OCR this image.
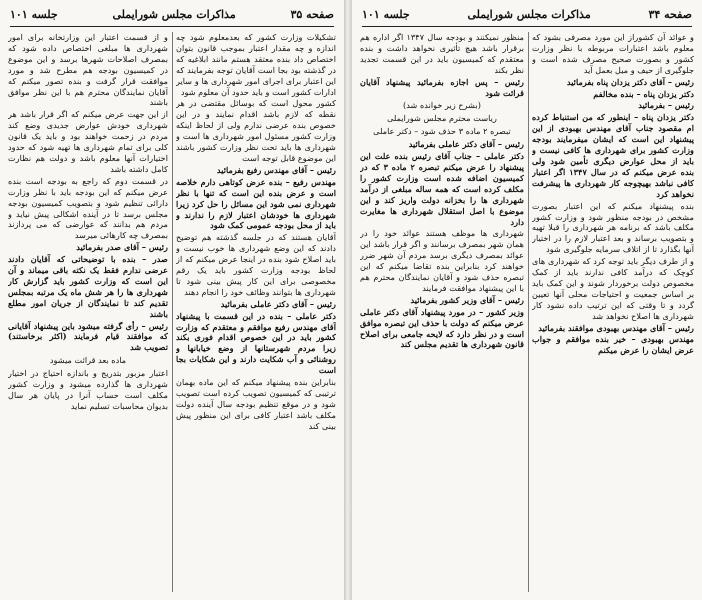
صفحه ۳۵
مذاکرات مجلس شورایملی
جلسه ۱۰۱

تشکیلات وزارت کشور که بعدمعلوم شود چه اندازه و چه مقدار اعتبار بموجب قانون بتوان اختصاص داد بنده معتقد هستم مانند ابلاغیه که در گذشته بود بجا است آقایان توجه بفرمایند که این اعتبار برای اجرای امور شهرداری ها و سایر ادارات کشور است و باید حدود آن معلوم شود

کشور محول است که بوسائل مقتضی در هر نقطه که لازم باشد اقدام نمایند و در این خصوص بنده عرضی ندارم ولی از لحاظ اینکه وزارت کشور مسئول امور شهرداری ها است و شهرداری ها باید تحت نظر وزارت کشور باشند این موضوع قابل توجه است

رئیس – آقای مهندس رفیع بفرمائید

مهندس رفیع – بنده عرض کوتاهی دارم خلاصه است و عرض بنده این است که تنها با نظر شهرداری نمی شود این مسائل را حل کرد زیرا شهرداری ها خودشان اعتبار لازم را ندارند و باید از محل بودجه عمومی کمک شود

آقایان هستند که در جلسه گذشته هم توضیح دادند که این وضع شهرداری ها خوب نیست و باید اصلاح شود بنده در اینجا عرض میکنم که از لحاظ بودجه وزارت کشور باید یک رقم مخصوصی برای این کار پیش بینی شود تا شهرداری ها بتوانند وظائف خود را انجام دهند

رئیس – آقای دکتر عاملی بفرمائید

دکتر عاملی – بنده در این قسمت با پیشنهاد آقای مهندس رفیع موافقم و معتقدم که وزارت کشور باید در این خصوص اقدام فوری بکند زیرا مردم شهرستانها از وضع خیابانها و روشنائی و آب شکایت دارند و این شکایات بجا است

بنابراین بنده پیشنهاد میکنم که این ماده بهمان ترتیبی که کمیسیون تصویب کرده است تصویب شود و در موقع تنظیم بودجه سال آینده دولت مکلف باشد اعتبار کافی برای این منظور پیش بینی کند

و از قسمت اعتبار این وزارتخانه برای امور شهرداری ها مبلغی اختصاص داده شود که بمصرف اصلاحات شهرها برسد و این موضوع در کمیسیون بودجه هم مطرح شد و مورد موافقت قرار گرفت و بنده تصور میکنم که آقایان نمایندگان محترم هم با این نظر موافق باشند

از این جهت عرض میکنم که اگر قرار باشد هر شهرداری خودش عوارض جدیدی وضع کند مردم در زحمت خواهند بود و باید یک قانون کلی برای تمام شهرداری ها تهیه شود که حدود اختیارات آنها معلوم باشد و دولت هم نظارت کامل داشته باشد

در قسمت دوم که راجع به بودجه است بنده عرض میکنم که این بودجه باید با نظر وزارت دارائی تنظیم شود و بتصویب کمیسیون بودجه مجلس برسد تا در آینده اشکالی پیش نیاید و مردم هم بدانند که عوارضی که می پردازند بمصرف چه کارهائی میرسد

رئیس – آقای صدر بفرمائید

صدر – بنده با توضیحاتی که آقایان دادند عرضی ندارم فقط یک نکته باقی میماند و آن این است که وزارت کشور باید گزارش کار شهرداری ها را هر شش ماه یک مرتبه بمجلس تقدیم کند تا نمایندگان از جریان امور مطلع باشند

رئیس – رأی گرفته میشود باین پیشنهاد آقایانی که موافقند قیام فرمایند (اکثر برخاستند) تصویب شد

ماده بعد قرائت میشود

اعتبار مزبور بتدریج و باندازه احتیاج در اختیار شهرداری ها گذارده میشود و وزارت کشور مکلف است حساب آنرا در پایان هر سال بدیوان محاسبات تسلیم نماید

صفحه ۳۴
مذاکرات مجلس شورایملی
جلسه ۱۰۱

و عوائد آن کشوراز این مورد مصرفی بشود که معلوم باشد اعتبارات مربوطه با نظر وزارت کشور و بصورت صحیح مصرف شده است و جلوگیری از حیف و میل بعمل آید

رئیس – آقای دکتر یزدان پناه بفرمائید

دکتر یزدان پناه – بنده مخالفم

رئیس – بفرمائید

دکتر یزدان پناه – اینطور که من استنباط کرده ام مقصود جناب آقای مهندس بهبودی از این پیشنهاد این است که ایشان میفرمایند بودجه وزارت کشور برای شهرداری ها کافی نیست و باید از محل عوارض دیگری تأمین شود ولی بنده عرض میکنم که در سال ۱۳۴۷ اگر اعتبار کافی نباشد بهیچوجه کار شهرداری ها پیشرفت نخواهد کرد

بنده پیشنهاد میکنم که این اعتبار بصورت مشخص در بودجه منظور شود و وزارت کشور مکلف باشد که برنامه هر شهرداری را قبلا تهیه و بتصویب برساند و بعد اعتبار لازم را در اختیار آنها بگذارد تا از اتلاف سرمایه جلوگیری شود

و از طرف دیگر باید توجه کرد که شهرداری های کوچک که درآمد کافی ندارند باید از کمک مخصوص دولت برخوردار شوند و این کمک باید بر اساس جمعیت و احتیاجات محلی آنها تعیین گردد و تا وقتی که این ترتیب داده نشود کار شهرداری ها اصلاح نخواهد شد

رئیس – آقای مهندس بهبودی موافقند بفرمائید

مهندس بهبودی – خیر بنده موافقم و جواب عرض ایشان را عرض میکنم

منظور نمیکنند و بودجه سال ۱۳۴۷ اگر اداره هم برقرار باشد هیچ تأثیری نخواهد داشت و بنده معتقدم که کمیسیون باید در این قسمت تجدید نظر بکند

رئیس – پس اجازه بفرمائید پیشنهاد آقایان قرائت شود

(بشرح زیر خوانده شد)

ریاست محترم مجلس شورایملی

تبصره ۲ ماده ۳ حذف شود – دکتر عاملی

رئیس – آقای دکتر عاملی بفرمائید

دکتر عاملی – جناب آقای رئیس بنده علت این پیشنهاد را عرض میکنم تبصره ۲ ماده ۳ که در کمیسیون اضافه شده است وزارت کشور را مکلف کرده است که همه ساله مبلغی از درآمد شهرداری ها را بخزانه دولت واریز کند و این موضوع با اصل استقلال شهرداری ها مغایرت دارد

شهرداری ها موظف هستند عوائد خود را در همان شهر بمصرف برسانند و اگر قرار باشد این عوائد بمصرف دیگری برسد مردم آن شهر ضرر خواهند کرد بنابراین بنده تقاضا میکنم که این تبصره حذف شود و آقایان نمایندگان محترم هم با این پیشنهاد موافقت فرمایند

رئیس – آقای وزیر کشور بفرمائید

وزیر کشور – در مورد پیشنهاد آقای دکتر عاملی عرض میکنم که دولت با حذف این تبصره موافق است و در نظر دارد که لایحه جامعی برای اصلاح قانون شهرداری ها تقدیم مجلس کند
